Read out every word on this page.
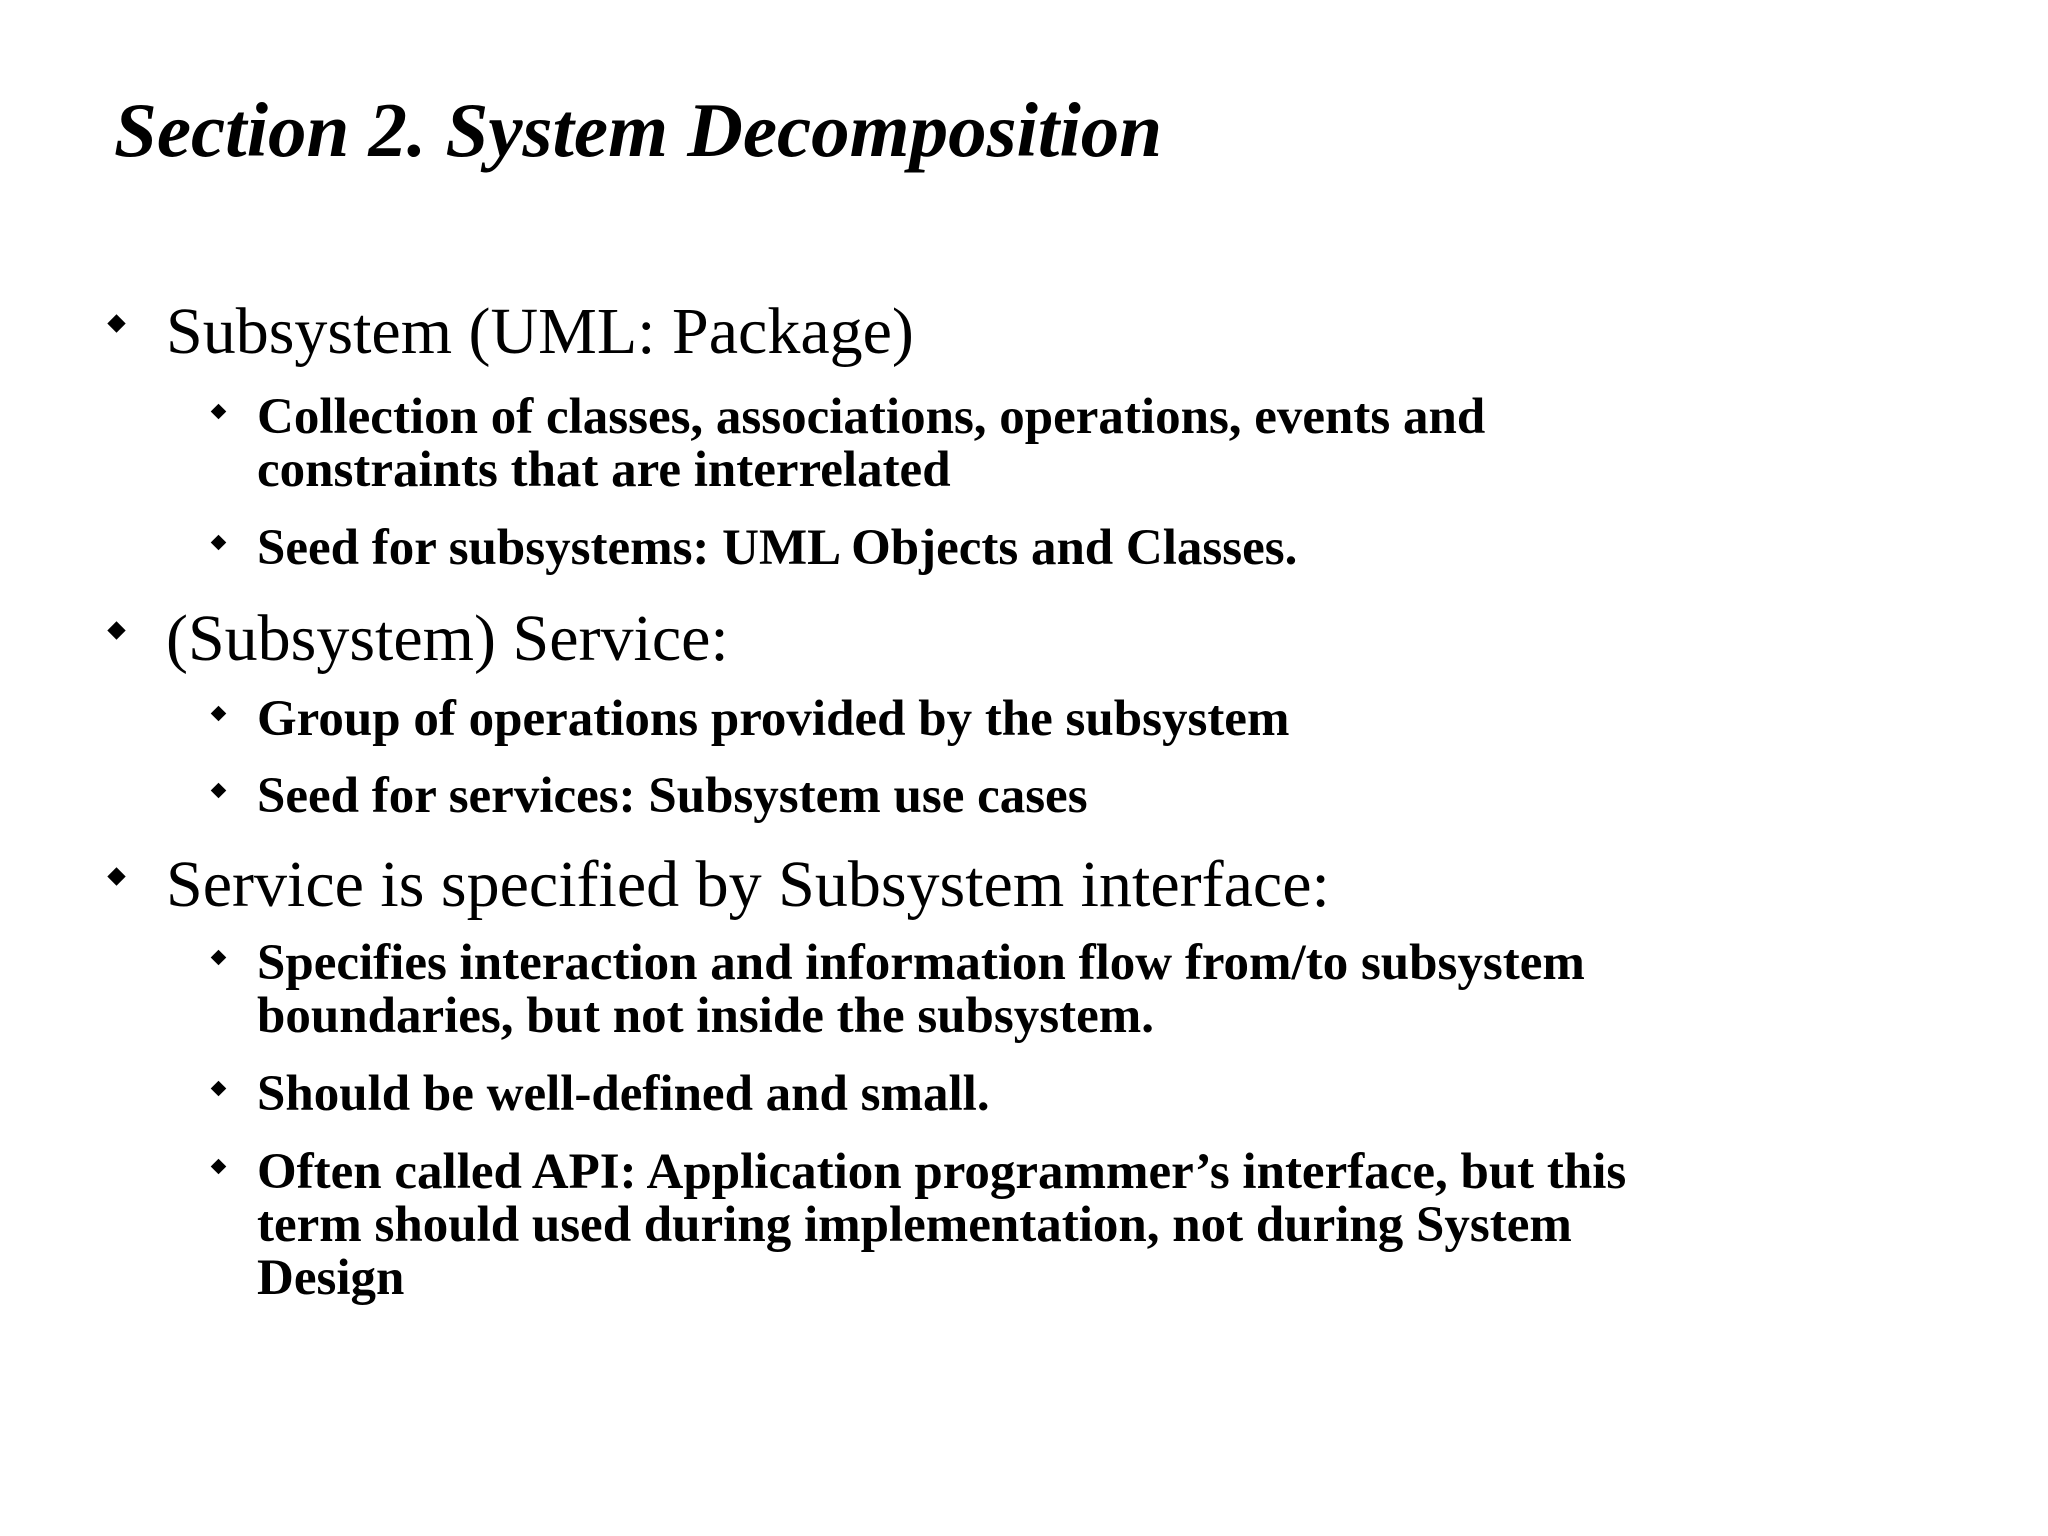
Section 2. System Decomposition
Subsystem (UML: Package)
Collection of classes, associations, operations, events and
constraints that are interrelated
Seed for subsystems: UML Objects and Classes.
(Subsystem) Service:
Group of operations provided by the subsystem
Seed for services: Subsystem use cases
Service is specified by Subsystem interface:
Specifies interaction and information flow from/to subsystem
boundaries, but not inside the subsystem.
Should be well-defined and small.
Often called API: Application programmer’s interface, but this
term should used during implementation, not during System
Design
